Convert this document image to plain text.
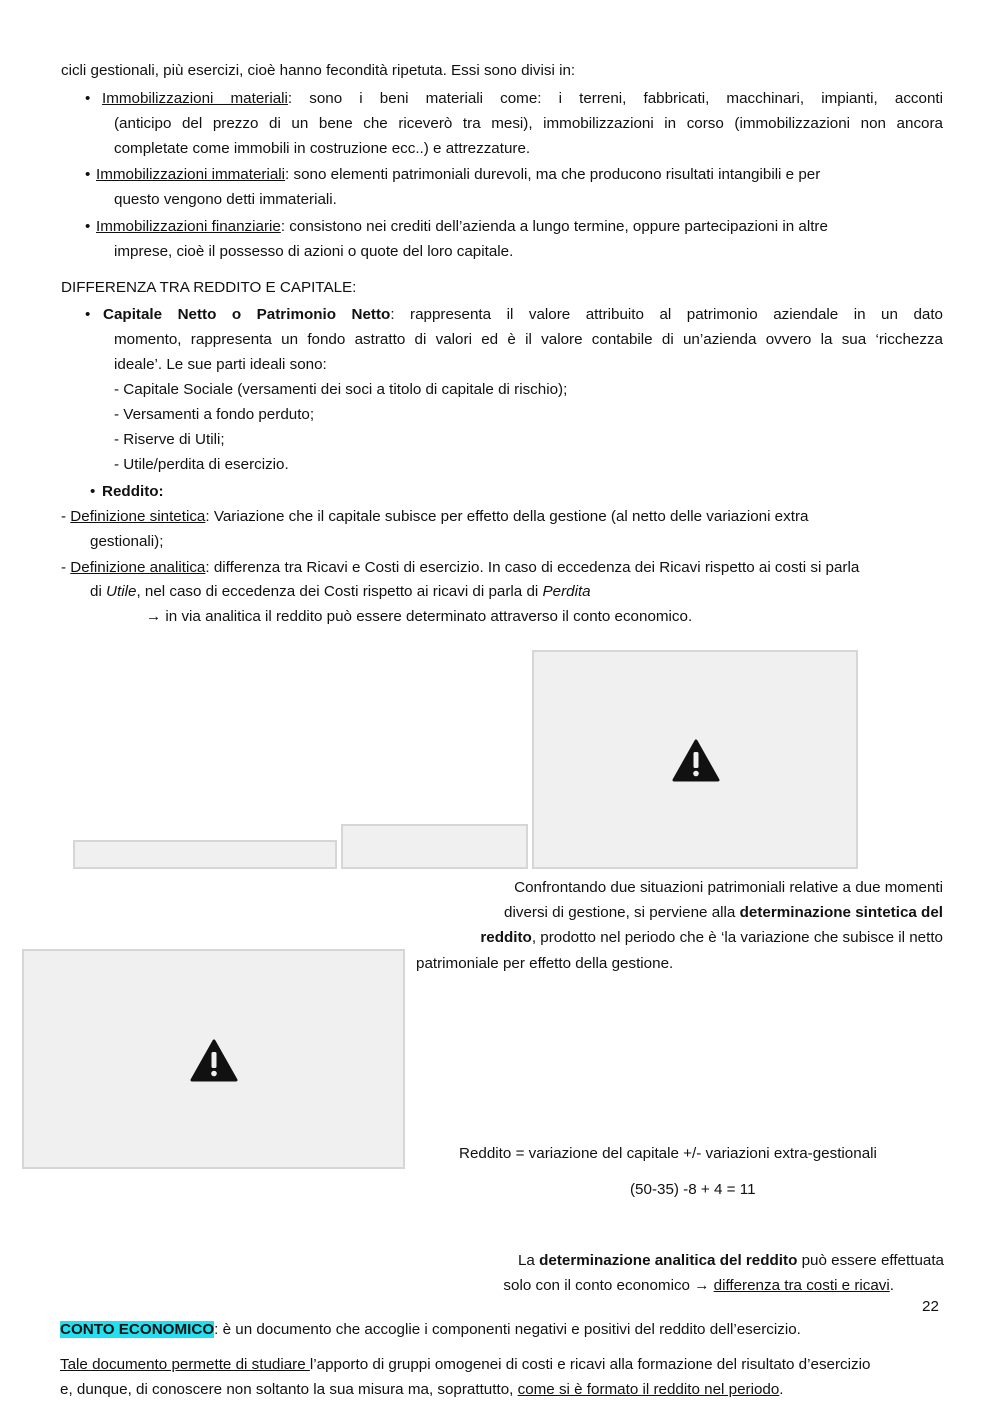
cicli gestionali, più esercizi, cioè hanno fecondità ripetuta. Essi sono divisi in:
• Immobilizzazioni materiali: sono i beni materiali come: i terreni, fabbricati, macchinari, impianti, acconti
(anticipo del prezzo di un bene che riceverò tra mesi), immobilizzazioni in corso (immobilizzazioni non ancora
completate come immobili in costruzione ecc..) e attrezzature.
• Immobilizzazioni immateriali: sono elementi patrimoniali durevoli, ma che producono risultati intangibili e per
questo vengono detti immateriali.
• Immobilizzazioni finanziarie: consistono nei crediti dell’azienda a lungo termine, oppure partecipazioni in altre
imprese, cioè il possesso di azioni o quote del loro capitale.
DIFFERENZA TRA REDDITO E CAPITALE:
• Capitale Netto o Patrimonio Netto: rappresenta il valore attribuito al patrimonio aziendale in un dato
momento, rappresenta un fondo astratto di valori ed è il valore contabile di un’azienda ovvero la sua ‘ricchezza
ideale’. Le sue parti ideali sono:
- Capitale Sociale (versamenti dei soci a titolo di capitale di rischio);
- Versamenti a fondo perduto;
- Riserve di Utili;
- Utile/perdita di esercizio.
• Reddito:
- Definizione sintetica: Variazione che il capitale subisce per effetto della gestione (al netto delle variazioni extra
gestionali);
- Definizione analitica: differenza tra Ricavi e Costi di esercizio. In caso di eccedenza dei Ricavi rispetto ai costi si parla
di Utile, nel caso di eccedenza dei Costi rispetto ai ricavi di parla di Perdita
→ in via analitica il reddito può essere determinato attraverso il conto economico.
Confrontando due situazioni patrimoniali relative a due momenti
diversi di gestione, si perviene alla determinazione sintetica del
reddito, prodotto nel periodo che è ‘la variazione che subisce il netto
patrimoniale per effetto della gestione.
Reddito = variazione del capitale +/- variazioni extra-gestionali
(50-35) -8 + 4 = 11
La determinazione analitica del reddito può essere effettuata
solo con il conto economico → differenza tra costi e ricavi.
22
CONTO ECONOMICO: è un documento che accoglie i componenti negativi e positivi del reddito dell’esercizio.
Tale documento permette di studiare l’apporto di gruppi omogenei di costi e ricavi alla formazione del risultato d’esercizio
e, dunque, di conoscere non soltanto la sua misura ma, soprattutto, come si è formato il reddito nel periodo.
